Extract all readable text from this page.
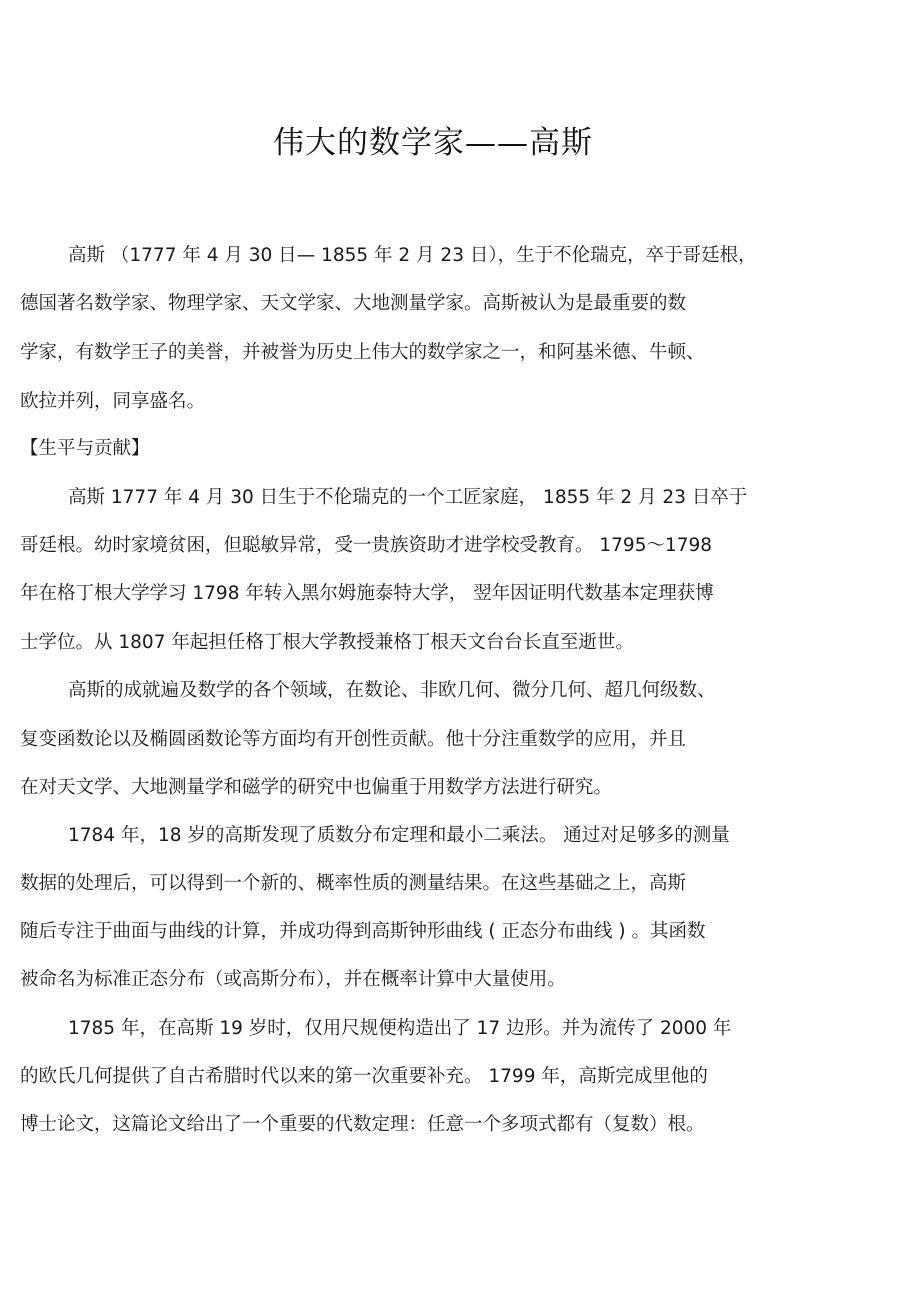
伟大的数学家——高斯
高斯 （1777 年 4 月 30 日— 1855 年 2 月 23 日），生于不伦瑞克，卒于哥廷根，
德国著名数学家、物理学家、天文学家、大地测量学家。高斯被认为是最重要的数
学家，有数学王子的美誉，并被誉为历史上伟大的数学家之一，和阿基米德、牛顿、
欧拉并列，同享盛名。
【生平与贡献】
高斯 1777 年 4 月 30 日生于不伦瑞克的一个工匠家庭， 1855 年 2 月 23 日卒于
哥廷根。幼时家境贫困，但聪敏异常，受一贵族资助才进学校受教育。 1795～1798
年在格丁根大学学习 1798 年转入黑尔姆施泰特大学， 翌年因证明代数基本定理获博
士学位。从 1807 年起担任格丁根大学教授兼格丁根天文台台长直至逝世。
高斯的成就遍及数学的各个领域，在数论、非欧几何、微分几何、超几何级数、
复变函数论以及椭圆函数论等方面均有开创性贡献。他十分注重数学的应用，并且
在对天文学、大地测量学和磁学的研究中也偏重于用数学方法进行研究。
1784 年，18 岁的高斯发现了质数分布定理和最小二乘法。 通过对足够多的测量
数据的处理后，可以得到一个新的、概率性质的测量结果。在这些基础之上，高斯
随后专注于曲面与曲线的计算，并成功得到高斯钟形曲线 ( 正态分布曲线 ) 。其函数
被命名为标准正态分布（或高斯分布），并在概率计算中大量使用。
1785 年，在高斯 19 岁时，仅用尺规便构造出了 17 边形。并为流传了 2000 年
的欧氏几何提供了自古希腊时代以来的第一次重要补充。 1799 年，高斯完成里他的
博士论文，这篇论文给出了一个重要的代数定理：任意一个多项式都有（复数）根。
